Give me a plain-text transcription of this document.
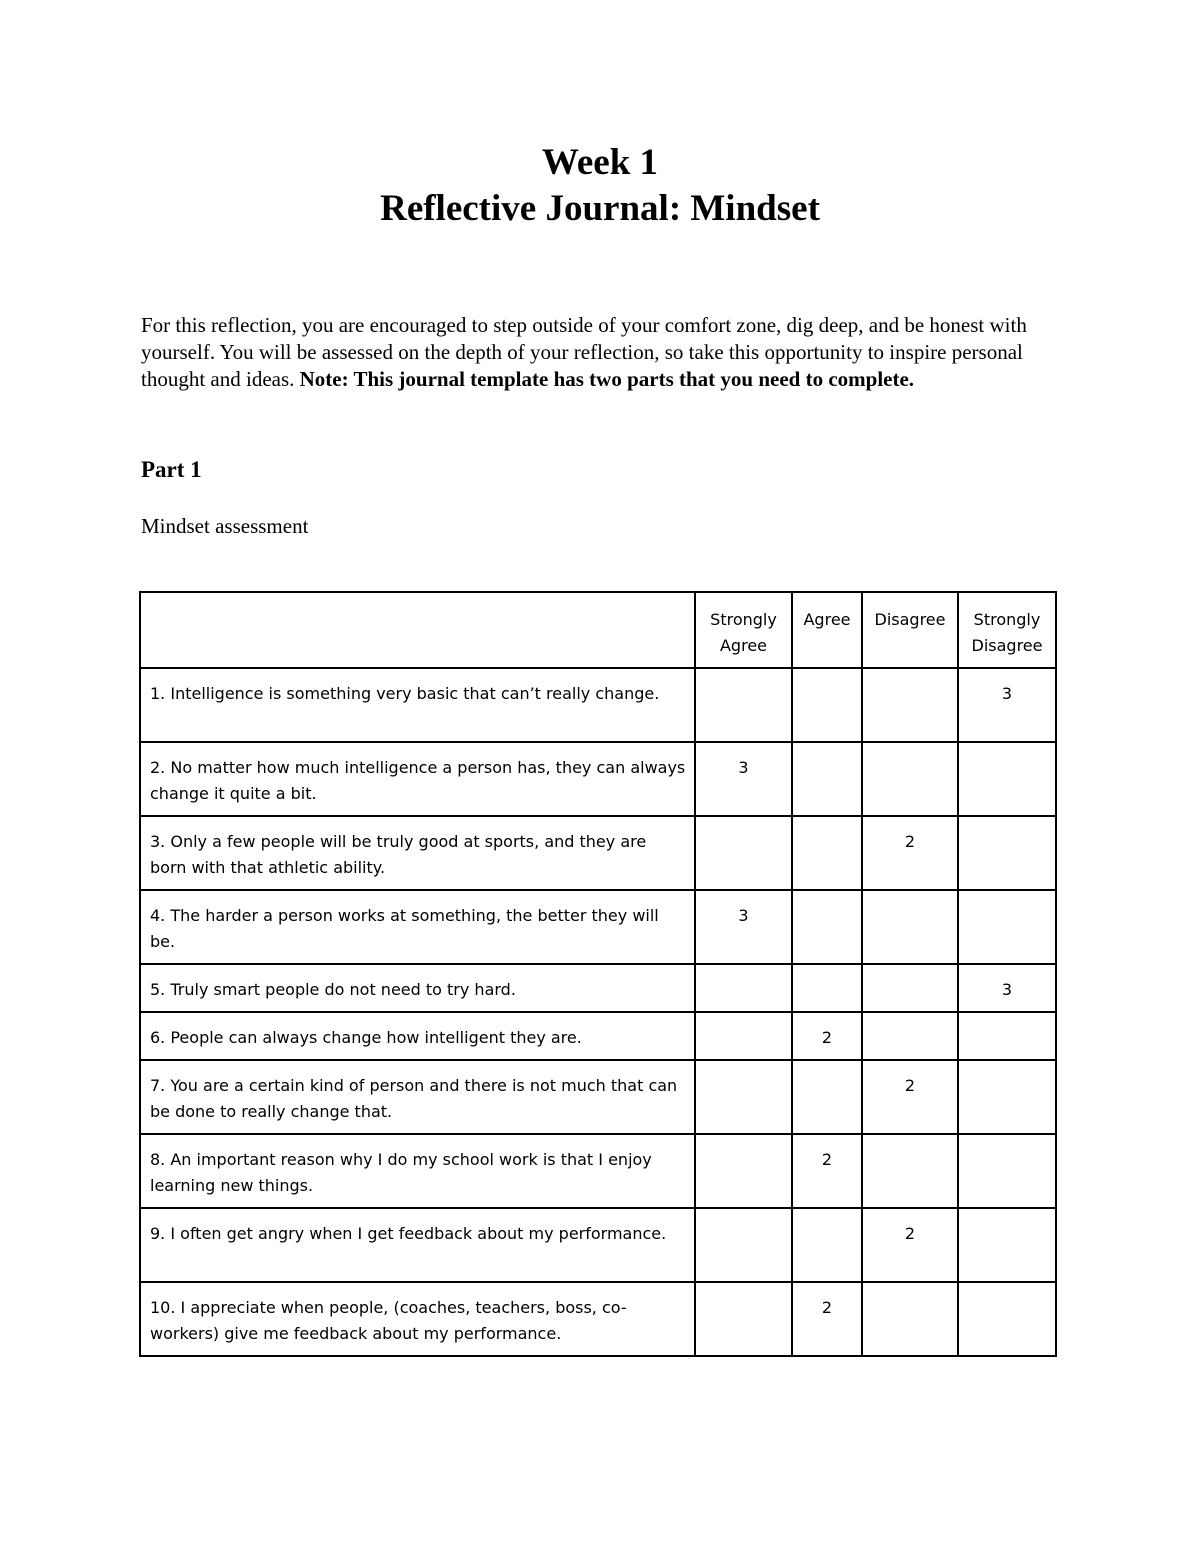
Week 1
Reflective Journal: Mindset
For this reflection, you are encouraged to step outside of your comfort zone, dig deep, and be honest with yourself. You will be assessed on the depth of your reflection, so take this opportunity to inspire personal thought and ideas. Note: This journal template has two parts that you need to complete.
Part 1
Mindset assessment
	Strongly Agree	Agree	Disagree	Strongly Disagree
1. Intelligence is something very basic that can’t really change.				3
2. No matter how much intelligence a person has, they can always change it quite a bit.	3			
3. Only a few people will be truly good at sports, and they are born with that athletic ability.			2	
4. The harder a person works at something, the better they will be.	3			
5. Truly smart people do not need to try hard.				3
6. People can always change how intelligent they are.		2		
7. You are a certain kind of person and there is not much that can be done to really change that.			2	
8. An important reason why I do my school work is that I enjoy learning new things.		2		
9. I often get angry when I get feedback about my performance.			2	
10. I appreciate when people, (coaches, teachers, boss, co-workers) give me feedback about my performance.		2		
